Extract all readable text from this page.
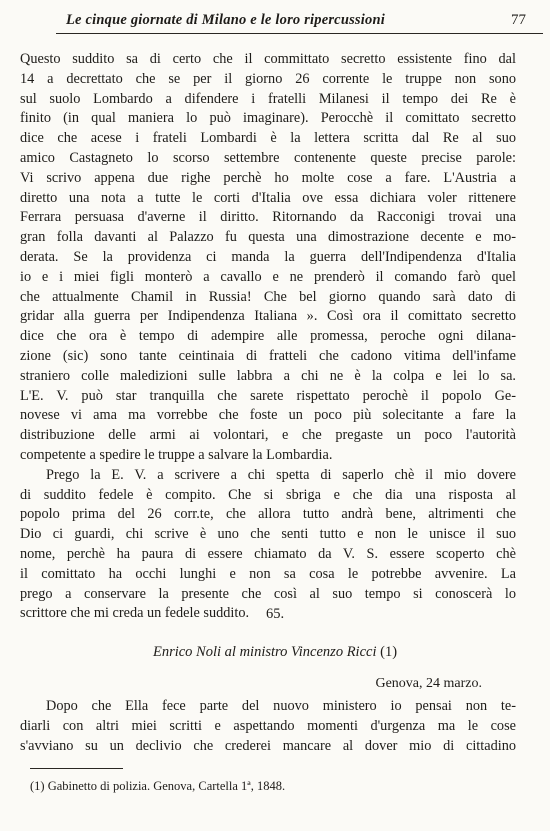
Le cinque giornate di Milano e le loro ripercussioni	77
Questo suddito sa di certo che il committato secretto essistente fino dal
14 a decrettato che se per il giorno 26 corrente le truppe non sono
sul suolo Lombardo a difendere i fratelli Milanesi il tempo dei Re è
finito (in qual maniera lo può imaginare). Perocchè il comittato secretto
dice che acese i frateli Lombardi è la lettera scritta dal Re al suo
amico Castagneto lo scorso settembre contenente queste precise parole:
Vi scrivo appena due righe perchè ho molte cose a fare. L'Austria a
diretto una nota a tutte le corti d'Italia ove essa dichiara voler rittenere
Ferrara persuasa d'averne il diritto. Ritornando da Racconigi trovai una
gran folla davanti al Palazzo fu questa una dimostrazione decente e mo-
derata. Se la providenza ci manda la guerra dell'Indipendenza d'Italia
io e i miei figli monterò a cavallo e ne prenderò il comando farò quel
che attualmente Chamil in Russia! Che bel giorno quando sarà dato di
gridar alla guerra per Indipendenza Italiana ». Così ora il comittato secretto
dice che ora è tempo di adempire alle promessa, peroche ogni dilana-
zione (sic) sono tante ceintinaia di fratteli che cadono vitima dell'infame
straniero colle maledizioni sulle labbra a chi ne è la colpa e lei lo sa.
L'E. V. può star tranquilla che sarete rispettato perochè il popolo Ge-
novese vi ama ma vorrebbe che foste un poco più solecitante a fare la
distribuzione delle armi ai volontari, e che pregaste un poco l'autorità
competente a spedire le truppe a salvare la Lombardia.
Prego la E. V. a scrivere a chi spetta di saperlo chè il mio dovere
di suddito fedele è compito. Che si sbriga e che dia una risposta al
popolo prima del 26 corr.te, che allora tutto andrà bene, altrimenti che
Dio ci guardi, chi scrive è uno che senti tutto e non le unisce il suo
nome, perchè ha paura di essere chiamato da V. S. essere scoperto chè
il comittato ha occhi lunghi e non sa cosa le potrebbe avvenire. La
prego a conservare la presente che così al suo tempo si conoscerà lo
scrittore che mi creda un fedele suddito.	65.
Enrico Noli al ministro Vincenzo Ricci (1)
Genova, 24 marzo.
Dopo che Ella fece parte del nuovo ministero io pensai non te-
diarli con altri miei scritti e aspettando momenti d'urgenza ma le cose
s'avviano su un declivio che crederei mancare al dover mio di cittadino
(1) Gabinetto di polizia. Genova, Cartella 1ª, 1848.
